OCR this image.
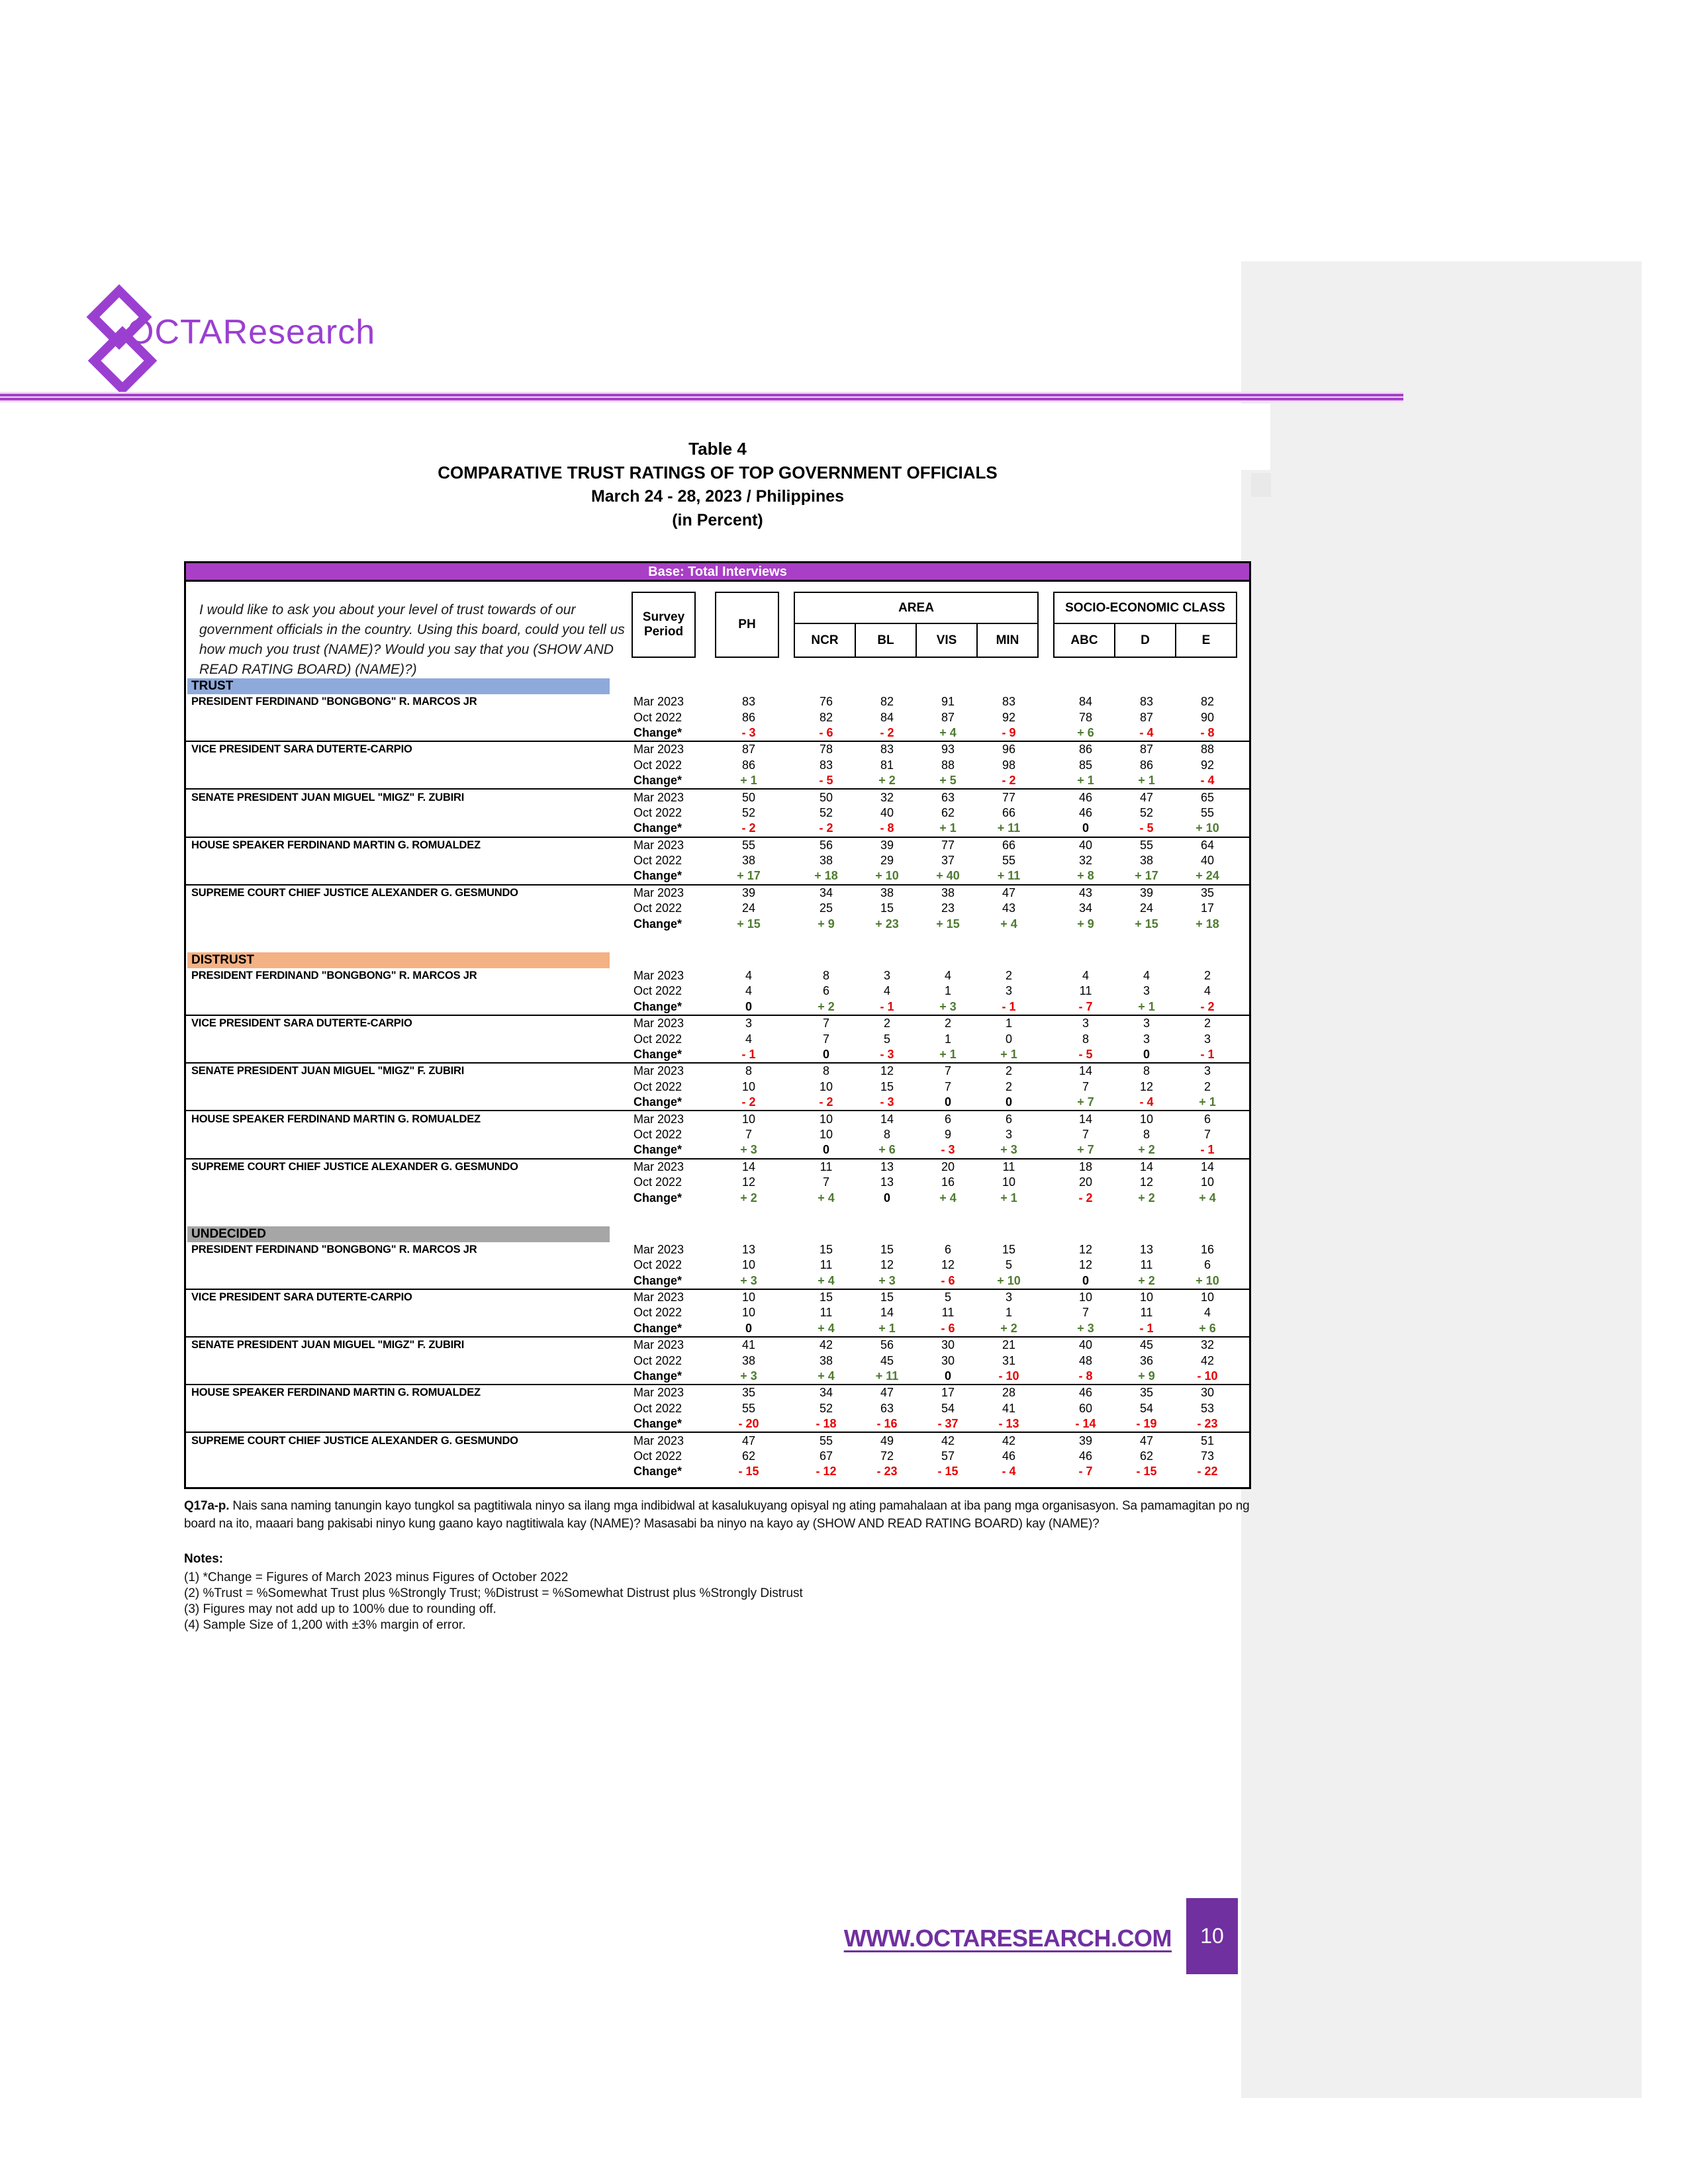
OCTAResearch
Table 4
COMPARATIVE TRUST RATINGS OF TOP GOVERNMENT OFFICIALS
March 24 - 28, 2023 / Philippines
(in Percent)
Base: Total Interviews
I would like to ask you about your level of trust towards of our government officials in the country. Using this board, could you tell us how much you trust (NAME)? Would you say that you (SHOW AND READ RATING BOARD) (NAME)?)
Survey Period
PH
AREA
NCR	BL	VIS	MIN
SOCIO-ECONOMIC CLASS
ABC	D	E
TRUST
PRESIDENT FERDINAND "BONGBONG" R. MARCOS JR	Mar 2023	83	76	82	91	83	84	83	82
Oct 2022	86	82	84	87	92	78	87	90
Change*	- 3	- 6	- 2	+ 4	- 9	+ 6	- 4	- 8
VICE PRESIDENT SARA DUTERTE-CARPIO	Mar 2023	87	78	83	93	96	86	87	88
Oct 2022	86	83	81	88	98	85	86	92
Change*	+ 1	- 5	+ 2	+ 5	- 2	+ 1	+ 1	- 4
SENATE PRESIDENT JUAN MIGUEL "MIGZ" F. ZUBIRI	Mar 2023	50	50	32	63	77	46	47	65
Oct 2022	52	52	40	62	66	46	52	55
Change*	- 2	- 2	- 8	+ 1	+ 11	0	- 5	+ 10
HOUSE SPEAKER FERDINAND MARTIN G. ROMUALDEZ	Mar 2023	55	56	39	77	66	40	55	64
Oct 2022	38	38	29	37	55	32	38	40
Change*	+ 17	+ 18	+ 10	+ 40	+ 11	+ 8	+ 17	+ 24
SUPREME COURT CHIEF JUSTICE ALEXANDER G. GESMUNDO	Mar 2023	39	34	38	38	47	43	39	35
Oct 2022	24	25	15	23	43	34	24	17
Change*	+ 15	+ 9	+ 23	+ 15	+ 4	+ 9	+ 15	+ 18
DISTRUST
PRESIDENT FERDINAND "BONGBONG" R. MARCOS JR	Mar 2023	4	8	3	4	2	4	4	2
Oct 2022	4	6	4	1	3	11	3	4
Change*	0	+ 2	- 1	+ 3	- 1	- 7	+ 1	- 2
VICE PRESIDENT SARA DUTERTE-CARPIO	Mar 2023	3	7	2	2	1	3	3	2
Oct 2022	4	7	5	1	0	8	3	3
Change*	- 1	0	- 3	+ 1	+ 1	- 5	0	- 1
SENATE PRESIDENT JUAN MIGUEL "MIGZ" F. ZUBIRI	Mar 2023	8	8	12	7	2	14	8	3
Oct 2022	10	10	15	7	2	7	12	2
Change*	- 2	- 2	- 3	0	0	+ 7	- 4	+ 1
HOUSE SPEAKER FERDINAND MARTIN G. ROMUALDEZ	Mar 2023	10	10	14	6	6	14	10	6
Oct 2022	7	10	8	9	3	7	8	7
Change*	+ 3	0	+ 6	- 3	+ 3	+ 7	+ 2	- 1
SUPREME COURT CHIEF JUSTICE ALEXANDER G. GESMUNDO	Mar 2023	14	11	13	20	11	18	14	14
Oct 2022	12	7	13	16	10	20	12	10
Change*	+ 2	+ 4	0	+ 4	+ 1	- 2	+ 2	+ 4
UNDECIDED
PRESIDENT FERDINAND "BONGBONG" R. MARCOS JR	Mar 2023	13	15	15	6	15	12	13	16
Oct 2022	10	11	12	12	5	12	11	6
Change*	+ 3	+ 4	+ 3	- 6	+ 10	0	+ 2	+ 10
VICE PRESIDENT SARA DUTERTE-CARPIO	Mar 2023	10	15	15	5	3	10	10	10
Oct 2022	10	11	14	11	1	7	11	4
Change*	0	+ 4	+ 1	- 6	+ 2	+ 3	- 1	+ 6
SENATE PRESIDENT JUAN MIGUEL "MIGZ" F. ZUBIRI	Mar 2023	41	42	56	30	21	40	45	32
Oct 2022	38	38	45	30	31	48	36	42
Change*	+ 3	+ 4	+ 11	0	- 10	- 8	+ 9	- 10
HOUSE SPEAKER FERDINAND MARTIN G. ROMUALDEZ	Mar 2023	35	34	47	17	28	46	35	30
Oct 2022	55	52	63	54	41	60	54	53
Change*	- 20	- 18	- 16	- 37	- 13	- 14	- 19	- 23
SUPREME COURT CHIEF JUSTICE ALEXANDER G. GESMUNDO	Mar 2023	47	55	49	42	42	39	47	51
Oct 2022	62	67	72	57	46	46	62	73
Change*	- 15	- 12	- 23	- 15	- 4	- 7	- 15	- 22
Q17a-p. Nais sana naming tanungin kayo tungkol sa pagtitiwala ninyo sa ilang mga indibidwal at kasalukuyang opisyal ng ating pamahalaan at iba pang mga organisasyon. Sa pamamagitan po ng board na ito, maaari bang pakisabi ninyo kung gaano kayo nagtitiwala kay (NAME)? Masasabi ba ninyo na kayo ay (SHOW AND READ RATING BOARD) kay (NAME)?
Notes:
(1) *Change = Figures of March 2023 minus Figures of October 2022
(2) %Trust = %Somewhat Trust plus %Strongly Trust; %Distrust = %Somewhat Distrust plus %Strongly Distrust
(3) Figures may not add up to 100% due to rounding off.
(4) Sample Size of 1,200 with ±3% margin of error.
WWW.OCTARESEARCH.COM 10
